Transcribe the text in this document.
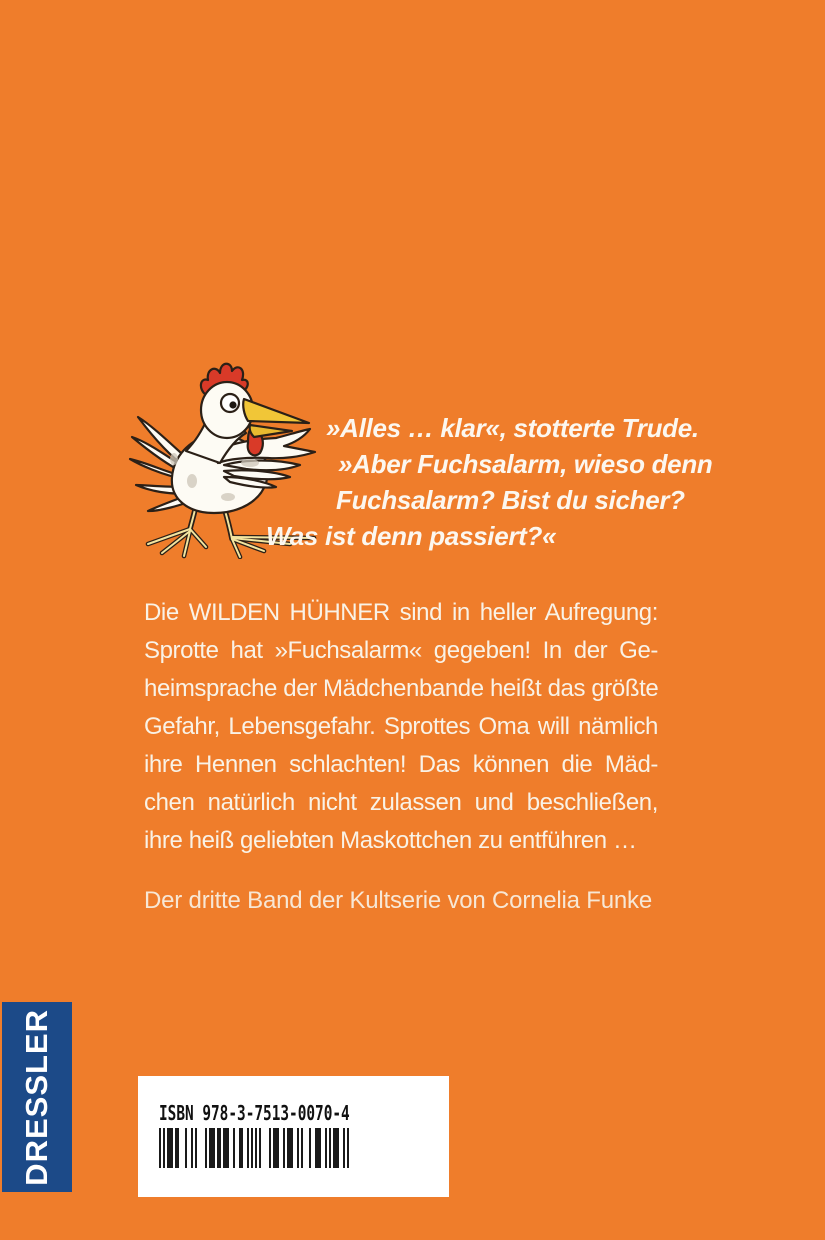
»Alles … klar«, stotterte Trude.
»Aber Fuchsalarm, wieso denn
Fuchsalarm? Bist du sicher?
Was ist denn passiert?«
Die WILDEN HÜHNER sind in heller Aufregung:
Sprotte hat »Fuchsalarm« gegeben! In der Ge-
heimsprache der Mädchenbande heißt das größte
Gefahr, Lebensgefahr. Sprottes Oma will nämlich
ihre Hennen schlachten! Das können die Mäd-
chen natürlich nicht zulassen und beschließen,
ihre heiß geliebten Maskottchen zu entführen …
Der dritte Band der Kultserie von Cornelia Funke
DRESSLER	ISBN 978-3-7513-0070-4
